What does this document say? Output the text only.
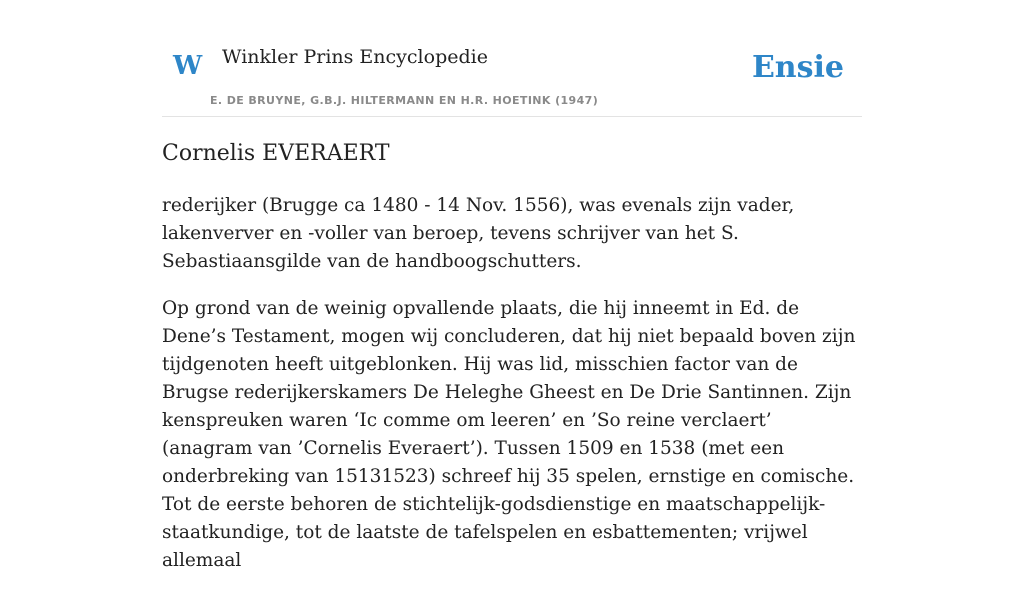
W Winkler Prins Encyclopedie
E. DE BRUYNE, G.B.J. HILTERMANN EN H.R. HOETINK (1947)
Ensie
Cornelis EVERAERT

rederijker (Brugge ca 1480 - 14 Nov. 1556), was evenals zijn vader, lakenverver en -voller van beroep, tevens schrijver van het S. Sebastiaansgilde van de handboogschutters.

Op grond van de weinig opvallende plaats, die hij inneemt in Ed. de Dene’s Testament, mogen wij concluderen, dat hij niet bepaald boven zijn tijdgenoten heeft uitgeblonken. Hij was lid, misschien factor van de Brugse rederijkerskamers De Heleghe Gheest en De Drie Santinnen. Zijn kenspreuken waren ‘Ic comme om leeren’ en ’So reine verclaert’ (anagram van ’Cornelis Everaert’). Tussen 1509 en 1538 (met een onderbreking van 15131523) schreef hij 35 spelen, ernstige en comische. Tot de eerste behoren de stichtelijk-godsdienstige en maatschappelijk-staatkundige, tot de laatste de tafelspelen en esbattementen; vrijwel allemaal
